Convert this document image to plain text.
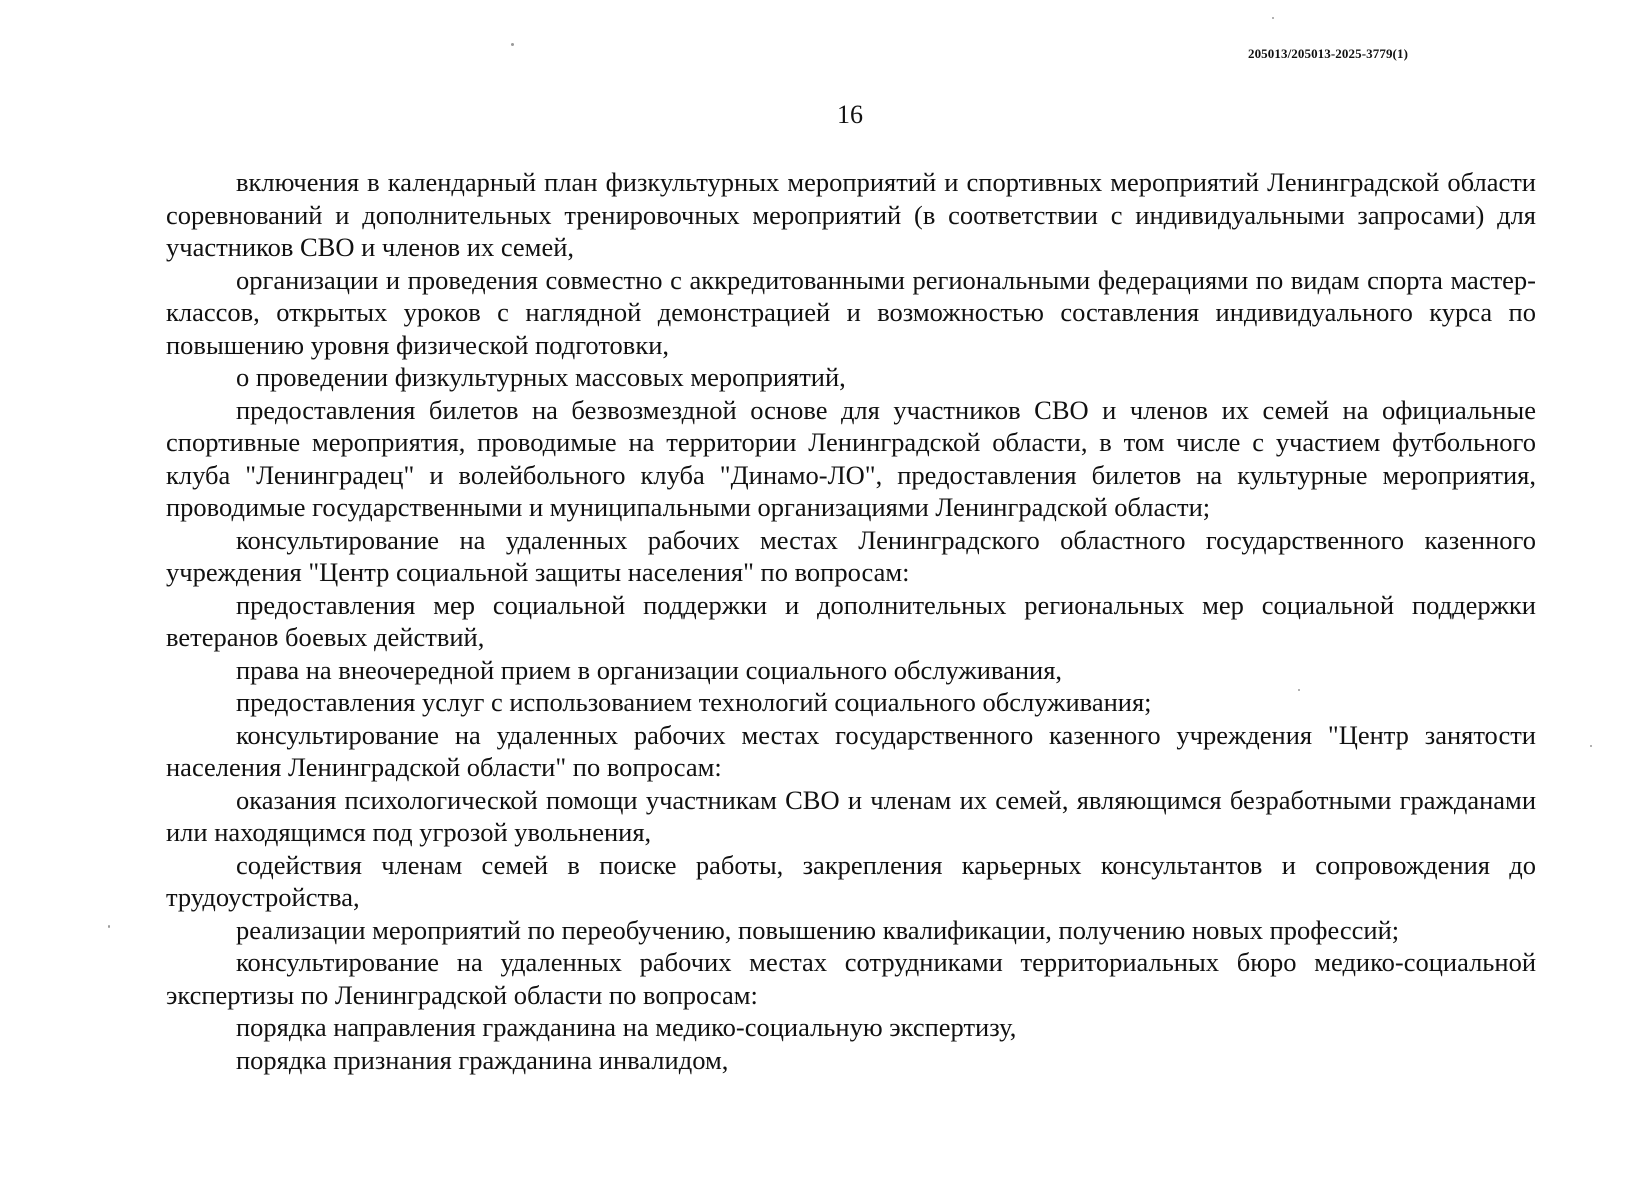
205013/205013-2025-3779(1)
16

включения в календарный план физкультурных мероприятий и спортивных мероприятий Ленинградской области соревнований и дополнительных тренировочных мероприятий (в соответствии с индивидуальными запросами) для участников СВО и членов их семей,

организации и проведения совместно с аккредитованными региональными федерациями по видам спорта мастер-классов, открытых уроков с наглядной демонстрацией и возможностью составления индивидуального курса по повышению уровня физической подготовки,

о проведении физкультурных массовых мероприятий,

предоставления билетов на безвозмездной основе для участников СВО и членов их семей на официальные спортивные мероприятия, проводимые на территории Ленинградской области, в том числе с участием футбольного клуба "Ленинградец" и волейбольного клуба "Динамо-ЛО", предоставления билетов на культурные мероприятия, проводимые государственными и муниципальными организациями Ленинградской области;

консультирование на удаленных рабочих местах Ленинградского областного государственного казенного учреждения "Центр социальной защиты населения" по вопросам:

предоставления мер социальной поддержки и дополнительных региональных мер социальной поддержки ветеранов боевых действий,

права на внеочередной прием в организации социального обслуживания,

предоставления услуг с использованием технологий социального обслуживания;

консультирование на удаленных рабочих местах государственного казенного учреждения "Центр занятости населения Ленинградской области" по вопросам:

оказания психологической помощи участникам СВО и членам их семей, являющимся безработными гражданами или находящимся под угрозой увольнения,

содействия членам семей в поиске работы, закрепления карьерных консультантов и сопровождения до трудоустройства,

реализации мероприятий по переобучению, повышению квалификации, получению новых профессий;

консультирование на удаленных рабочих местах сотрудниками территориальных бюро медико-социальной экспертизы по Ленинградской области по вопросам:

порядка направления гражданина на медико-социальную экспертизу,

порядка признания гражданина инвалидом,
